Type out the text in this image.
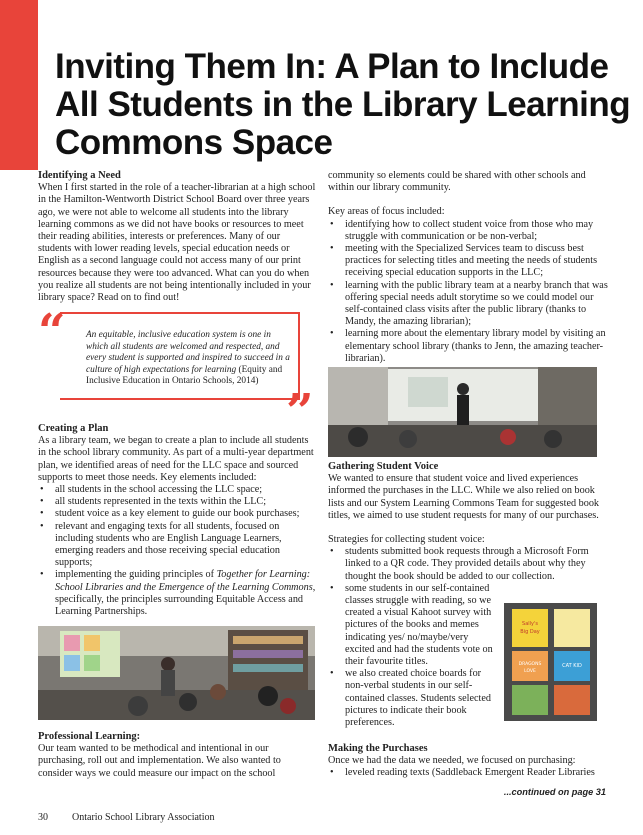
Inviting Them In: A Plan to Include All Students in the Library Learning Commons Space

Identifying a Need

When I first started in the role of a teacher-librarian at a high school in the Hamilton-Wentworth District School Board over three years ago, we were not able to welcome all students into the library learning commons as we did not have books or resources to meet their reading abilities, interests or preferences. Many of our students with lower reading levels, special education needs or English as a second language could not access many of our print resources because they were too advanced. What can you do when you realize all students are not being intentionally included in your library space? Read on to find out!

“
”
An equitable, inclusive education system is one in which all students are welcomed and respected, and every student is supported and inspired to succeed in a culture of high expectations for learning (Equity and Inclusive Education in Ontario Schools, 2014)

Creating a Plan

As a library team, we began to create a plan to include all students in the school library community. As part of a multi-year department plan, we identified areas of need for the LLC space and sourced supports to meet those needs. Key elements included:

• all students in the school accessing the LLC space;
• all students represented in the texts within the LLC;
• student voice as a key element to guide our book purchases;
• relevant and engaging texts for all students, focused on including students who are English Language Learners, emerging readers and those receiving special education supports;
• implementing the guiding principles of Together for Learning: School Libraries and the Emergence of the Learning Commons, specifically, the principles surrounding Equitable Access and Learning Partnerships.

Professional Learning:

Our team wanted to be methodical and intentional in our purchasing, roll out and implementation. We also wanted to consider ways we could measure our impact on the school

community so elements could be shared with other schools and within our library community.

Key areas of focus included:

• identifying how to collect student voice from those who may struggle with communication or be non-verbal;
• meeting with the Specialized Services team to discuss best practices for selecting titles and meeting the needs of students receiving special education supports in the LLC;
• learning with the public library team at a nearby branch that was offering special needs adult storytime so we could model our self-contained class visits after the public library (thanks to Mandy, the amazing librarian);
• learning more about the elementary library model by visiting an elementary school library (thanks to Jenn, the amazing teacher-librarian).

Gathering Student Voice

We wanted to ensure that student voice and lived experiences informed the purchases in the LLC. While we also relied on book lists and our System Learning Commons Team for suggested book titles, we aimed to use student requests for many of our purchases.

Strategies for collecting student voice:

• students submitted book requests through a Microsoft Form linked to a QR code. They provided details about why they thought the book should be added to our collection.
• some students in our self-contained classes struggle with reading, so we created a visual Kahoot survey with pictures of the books and memes indicating yes/ no/maybe/very excited and had the students vote on their favourite titles.
• we also created choice boards for non-verbal students in our self-contained classes. Students selected pictures to indicate their book preferences.
Sally's
Big Day
DRAGONS
LOVE
CAT KID

Making the Purchases

Once we had the data we needed, we focused on purchasing:

• leveled reading texts (Saddleback Emergent Reader Libraries
...continued on page 31
30 Ontario School Library Association
